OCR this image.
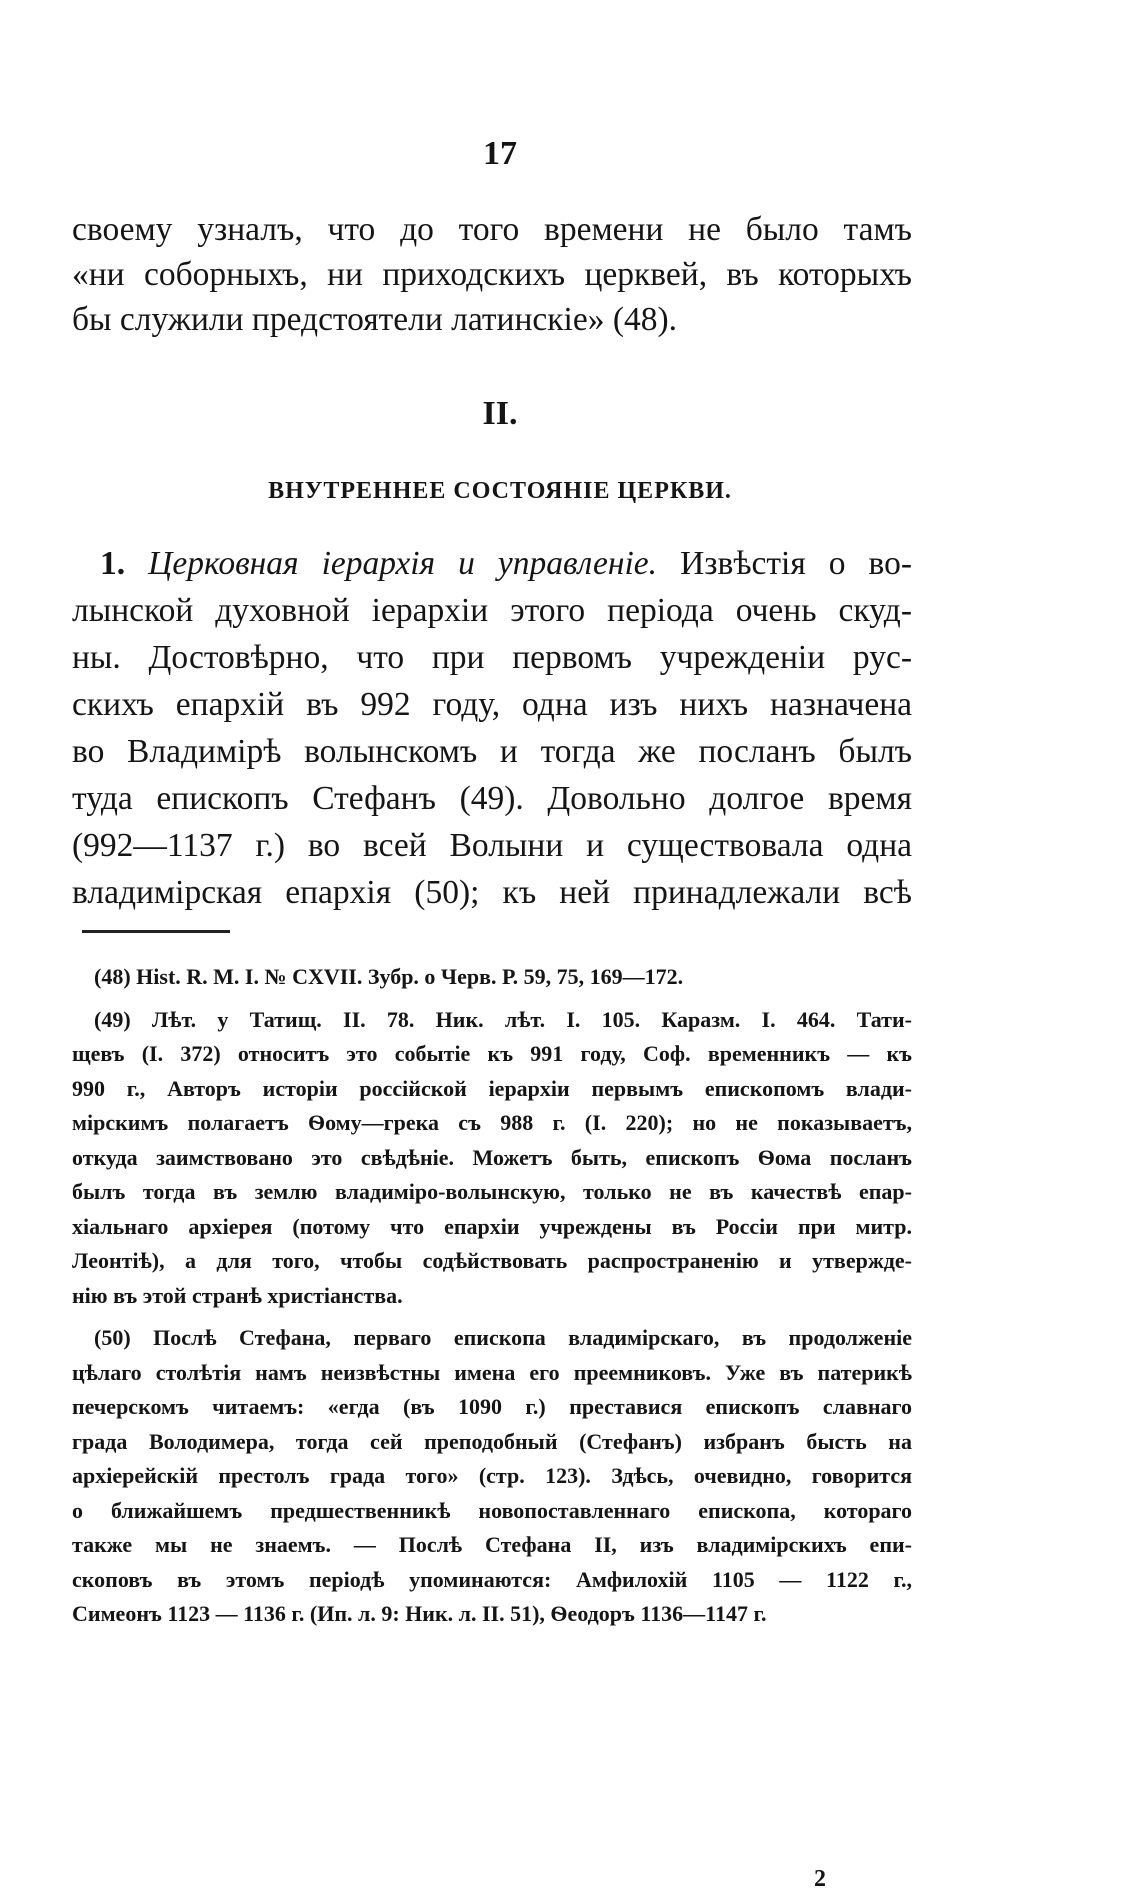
17
своему узналъ, что до того времени не было тамъ
«ни соборныхъ, ни приходскихъ церквей, въ которыхъ
бы служили предстоятели латинскіе» (48).
II.
ВНУТРЕННЕЕ СОСТОЯНІЕ ЦЕРКВИ.
1. Церковная іерархія и управленіе. Извѣстія о во-
лынской духовной іерархіи этого періода очень скуд-
ны. Достовѣрно, что при первомъ учрежденіи рус-
скихъ епархій въ 992 году, одна изъ нихъ назначена
во Владимірѣ волынскомъ и тогда же посланъ былъ
туда епископъ Стефанъ (49). Довольно долгое время
(992—1137 г.) во всей Волыни и существовала одна
владимірская епархія (50); къ ней принадлежали всѣ
(48) Hist. R. M. I. № CXVII. Зубр. о Черв. Р. 59, 75, 169—172.
(49) Лѣт. у Татищ. II. 78. Ник. лѣт. I. 105. Каразм. I. 464. Тати-
щевъ (I. 372) относитъ это событіе къ 991 году, Соф. временникъ — къ
990 г., Авторъ исторіи россійской іерархіи первымъ епископомъ влади-
мірскимъ полагаетъ Ѳому—грека съ 988 г. (I. 220); но не показываетъ,
откуда заимствовано это свѣдѣніе. Можетъ быть, епископъ Ѳома посланъ
былъ тогда въ землю владиміро-волынскую, только не въ качествѣ епар-
хіальнаго архіерея (потому что епархіи учреждены въ Россіи при митр.
Леонтіѣ), а для того, чтобы содѣйствовать распространенію и утвержде-
нію въ этой странѣ христіанства.
(50) Послѣ Стефана, перваго епископа владимірскаго, въ продолженіе
цѣлаго столѣтія намъ неизвѣстны имена его преемниковъ. Уже въ патерикѣ
печерскомъ читаемъ: «егда (въ 1090 г.) преставися епископъ славнаго
града Володимера, тогда сей преподобный (Стефанъ) избранъ бысть на
архіерейскій престолъ града того» (стр. 123). Здѣсь, очевидно, говорится
о ближайшемъ предшественникѣ новопоставленнаго епископа, котораго
также мы не знаемъ. — Послѣ Стефана II, изъ владимірскихъ епи-
скоповъ въ этомъ періодѣ упоминаются: Амфилохій 1105 — 1122 г.,
Симеонъ 1123 — 1136 г. (Ип. л. 9: Ник. л. II. 51), Ѳеодоръ 1136—1147 г.
2
